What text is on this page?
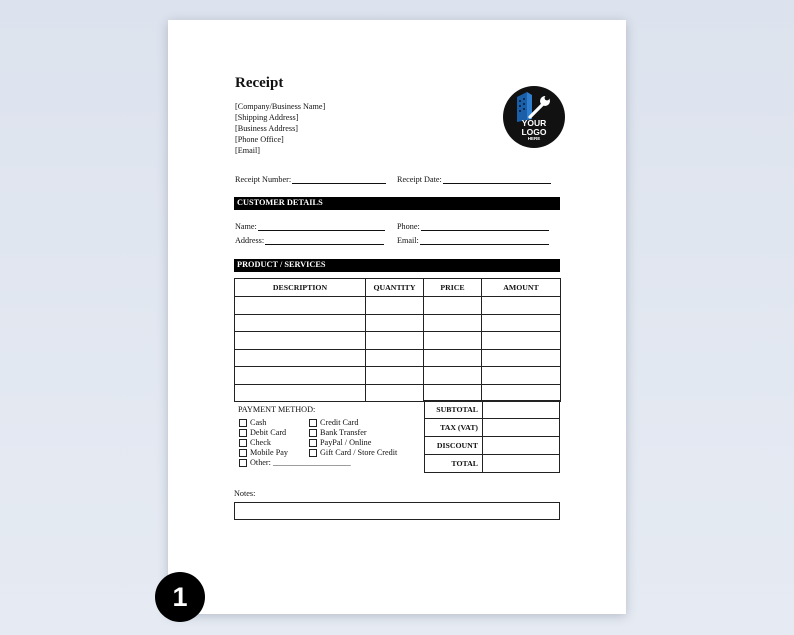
Receipt
[Company/Business Name]
[Shipping Address]
[Business Address]
[Phone Office]
[Email]
YOUR
LOGO
HERE
Receipt Number:	Receipt Date:
CUSTOMER DETAILS
Name:	Phone:
Address:	Email:
PRODUCT / SERVICES
DESCRIPTION	QUANTITY	PRICE	AMOUNT

PAYMENT METHOD:
Cash
Debit Card
Check
Mobile Pay
Other: ___________________
Credit Card
Bank Transfer
PayPal / Online
Gift Card / Store Credit
SUBTOTAL	
TAX (VAT)	
DISCOUNT	
TOTAL	
Notes:
1
